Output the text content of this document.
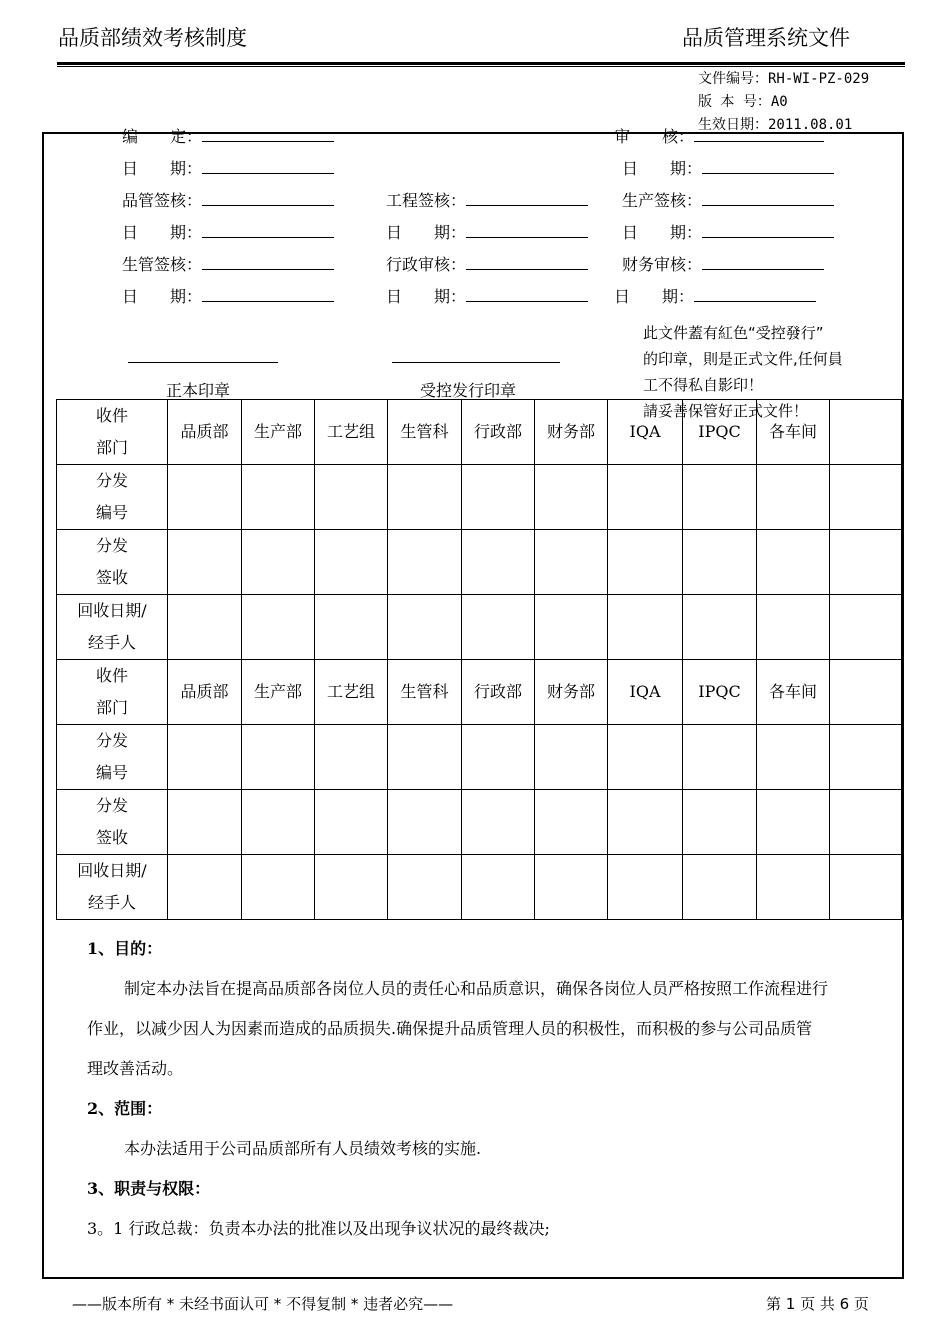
品质部绩效考核制度	品质管理系统文件
文件编号：RH-WI-PZ-029
版 本 号：A0
生效日期：2011.08.01
编　　定：	审　　核：
日　　期：	日　　期：
品管签核：	工程签核：	生产签核：
日　　期：	日　　期：	日　　期：
生管签核：	行政审核：	财务审核：
日　　期：	日　　期：	日　　期：
正本印章	受控发行印章
此文件蓋有紅色“受控發行”
的印章，則是正式文件,任何員
工不得私自影印！
請妥善保管好正式文件！
收件
部门	品质部	生产部	工艺组	生管科	行政部	财务部	IQA	IPQC	各车间	

分发
编号										

分发
签收										

回收日期/
经手人										

收件
部门	品质部	生产部	工艺组	生管科	行政部	财务部	IQA	IPQC	各车间	

分发
编号										

分发
签收										

回收日期/
经手人										

1、目的：
制定本办法旨在提高品质部各岗位人员的责任心和品质意识，确保各岗位人员严格按照工作流程进行
作业，以减少因人为因素而造成的品质损失.确保提升品质管理人员的积极性，而积极的参与公司品质管
理改善活动。
2、范围：
本办法适用于公司品质部所有人员绩效考核的实施.
3、职责与权限：
3。1 行政总裁：负责本办法的批准以及出现争议状况的最终裁决;
——版本所有 * 未经书面认可 * 不得复制 * 违者必究——	第 1 页 共 6 页
